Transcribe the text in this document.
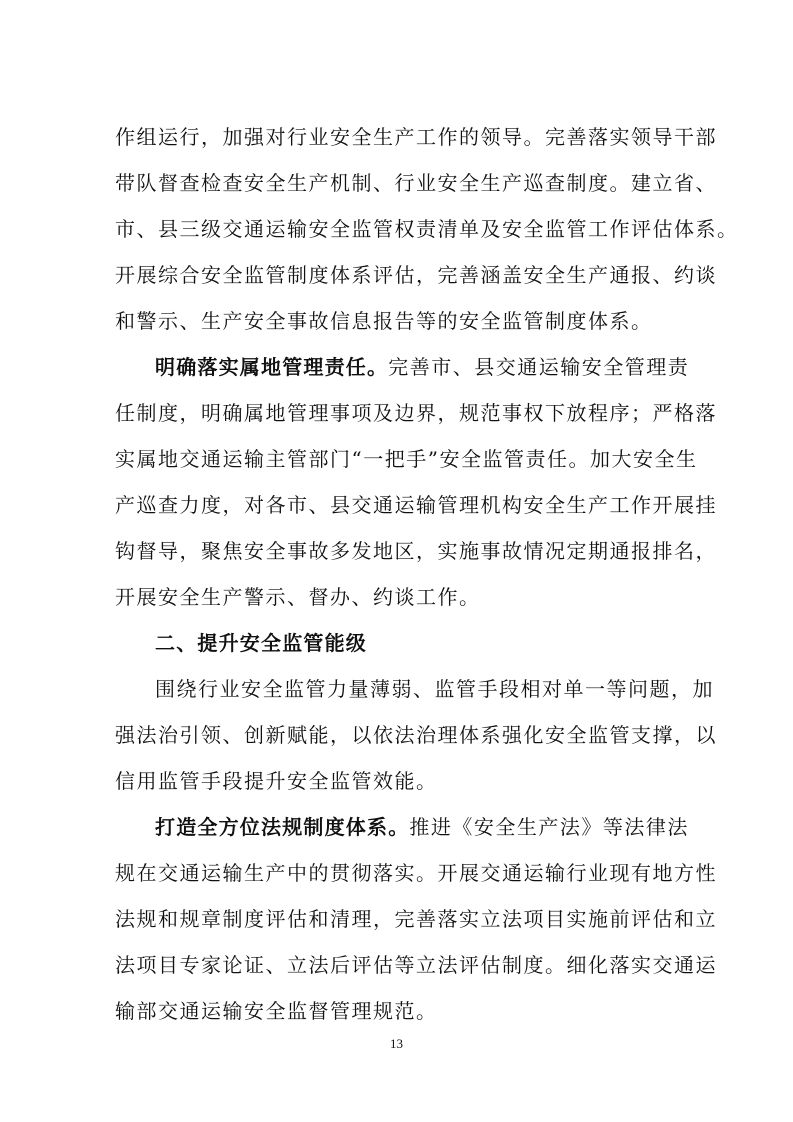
作组运行，加强对行业安全生产工作的领导。完善落实领导干部
带队督查检查安全生产机制、行业安全生产巡查制度。建立省、
市、县三级交通运输安全监管权责清单及安全监管工作评估体系。
开展综合安全监管制度体系评估，完善涵盖安全生产通报、约谈
和警示、生产安全事故信息报告等的安全监管制度体系。
明确落实属地管理责任。完善市、县交通运输安全管理责
任制度，明确属地管理事项及边界，规范事权下放程序；严格落
实属地交通运输主管部门“一把手”安全监管责任。加大安全生
产巡查力度，对各市、县交通运输管理机构安全生产工作开展挂
钩督导，聚焦安全事故多发地区，实施事故情况定期通报排名，
开展安全生产警示、督办、约谈工作。
二、提升安全监管能级
围绕行业安全监管力量薄弱、监管手段相对单一等问题，加
强法治引领、创新赋能，以依法治理体系强化安全监管支撑，以
信用监管手段提升安全监管效能。
打造全方位法规制度体系。推进《安全生产法》等法律法
规在交通运输生产中的贯彻落实。开展交通运输行业现有地方性
法规和规章制度评估和清理，完善落实立法项目实施前评估和立
法项目专家论证、立法后评估等立法评估制度。细化落实交通运
输部交通运输安全监督管理规范。
13
